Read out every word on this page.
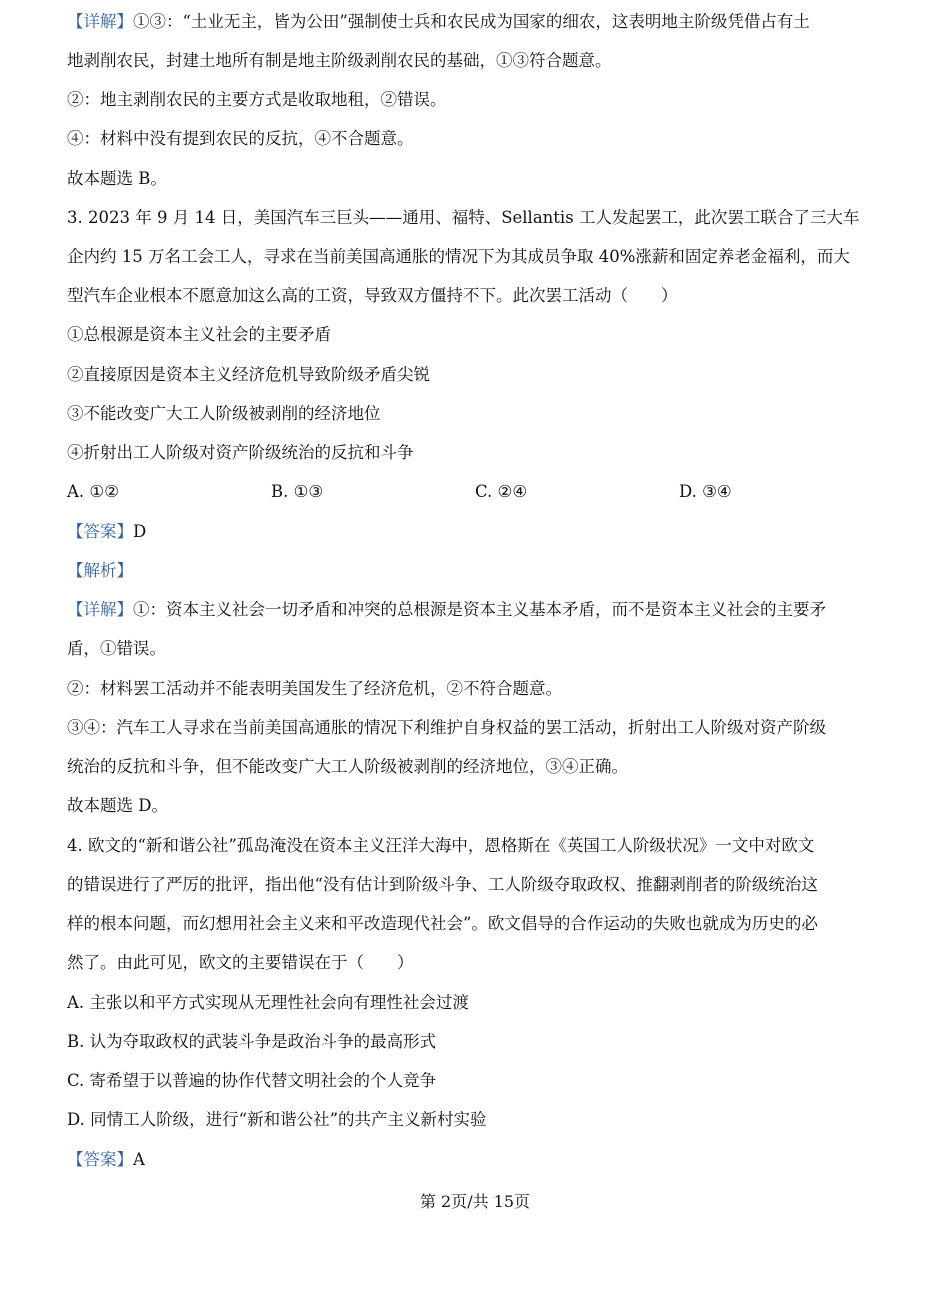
【详解】①③：“土业无主，皆为公田”强制使士兵和农民成为国家的细农，这表明地主阶级凭借占有土
地剥削农民，封建土地所有制是地主阶级剥削农民的基础，①③符合题意。
②：地主剥削农民的主要方式是收取地租，②错误。
④：材料中没有提到农民的反抗，④不合题意。
故本题选 B。
3. 2023 年 9 月 14 日，美国汽车三巨头——通用、福特、Sellantis 工人发起罢工，此次罢工联合了三大车
企内约 15 万名工会工人，寻求在当前美国高通胀的情况下为其成员争取 40%涨薪和固定养老金福利，而大
型汽车企业根本不愿意加这么高的工资，导致双方僵持不下。此次罢工活动（　　）
①总根源是资本主义社会的主要矛盾
②直接原因是资本主义经济危机导致阶级矛盾尖锐
③不能改变广大工人阶级被剥削的经济地位
④折射出工人阶级对资产阶级统治的反抗和斗争
A. ①②	B. ①③	C. ②④	D. ③④
【答案】D
【解析】
【详解】①：资本主义社会一切矛盾和冲突的总根源是资本主义基本矛盾，而不是资本主义社会的主要矛
盾，①错误。
②：材料罢工活动并不能表明美国发生了经济危机，②不符合题意。
③④：汽车工人寻求在当前美国高通胀的情况下利维护自身权益的罢工活动，折射出工人阶级对资产阶级
统治的反抗和斗争，但不能改变广大工人阶级被剥削的经济地位，③④正确。
故本题选 D。
4. 欧文的“新和谐公社”孤岛淹没在资本主义汪洋大海中，恩格斯在《英国工人阶级状况》一文中对欧文
的错误进行了严厉的批评，指出他“没有估计到阶级斗争、工人阶级夺取政权、推翻剥削者的阶级统治这
样的根本问题，而幻想用社会主义来和平改造现代社会”。欧文倡导的合作运动的失败也就成为历史的必
然了。由此可见，欧文的主要错误在于（　　）
A. 主张以和平方式实现从无理性社会向有理性社会过渡
B. 认为夺取政权的武装斗争是政治斗争的最高形式
C. 寄希望于以普遍的协作代替文明社会的个人竞争
D. 同情工人阶级，进行“新和谐公社”的共产主义新村实验
【答案】A
第 2页/共 15页
